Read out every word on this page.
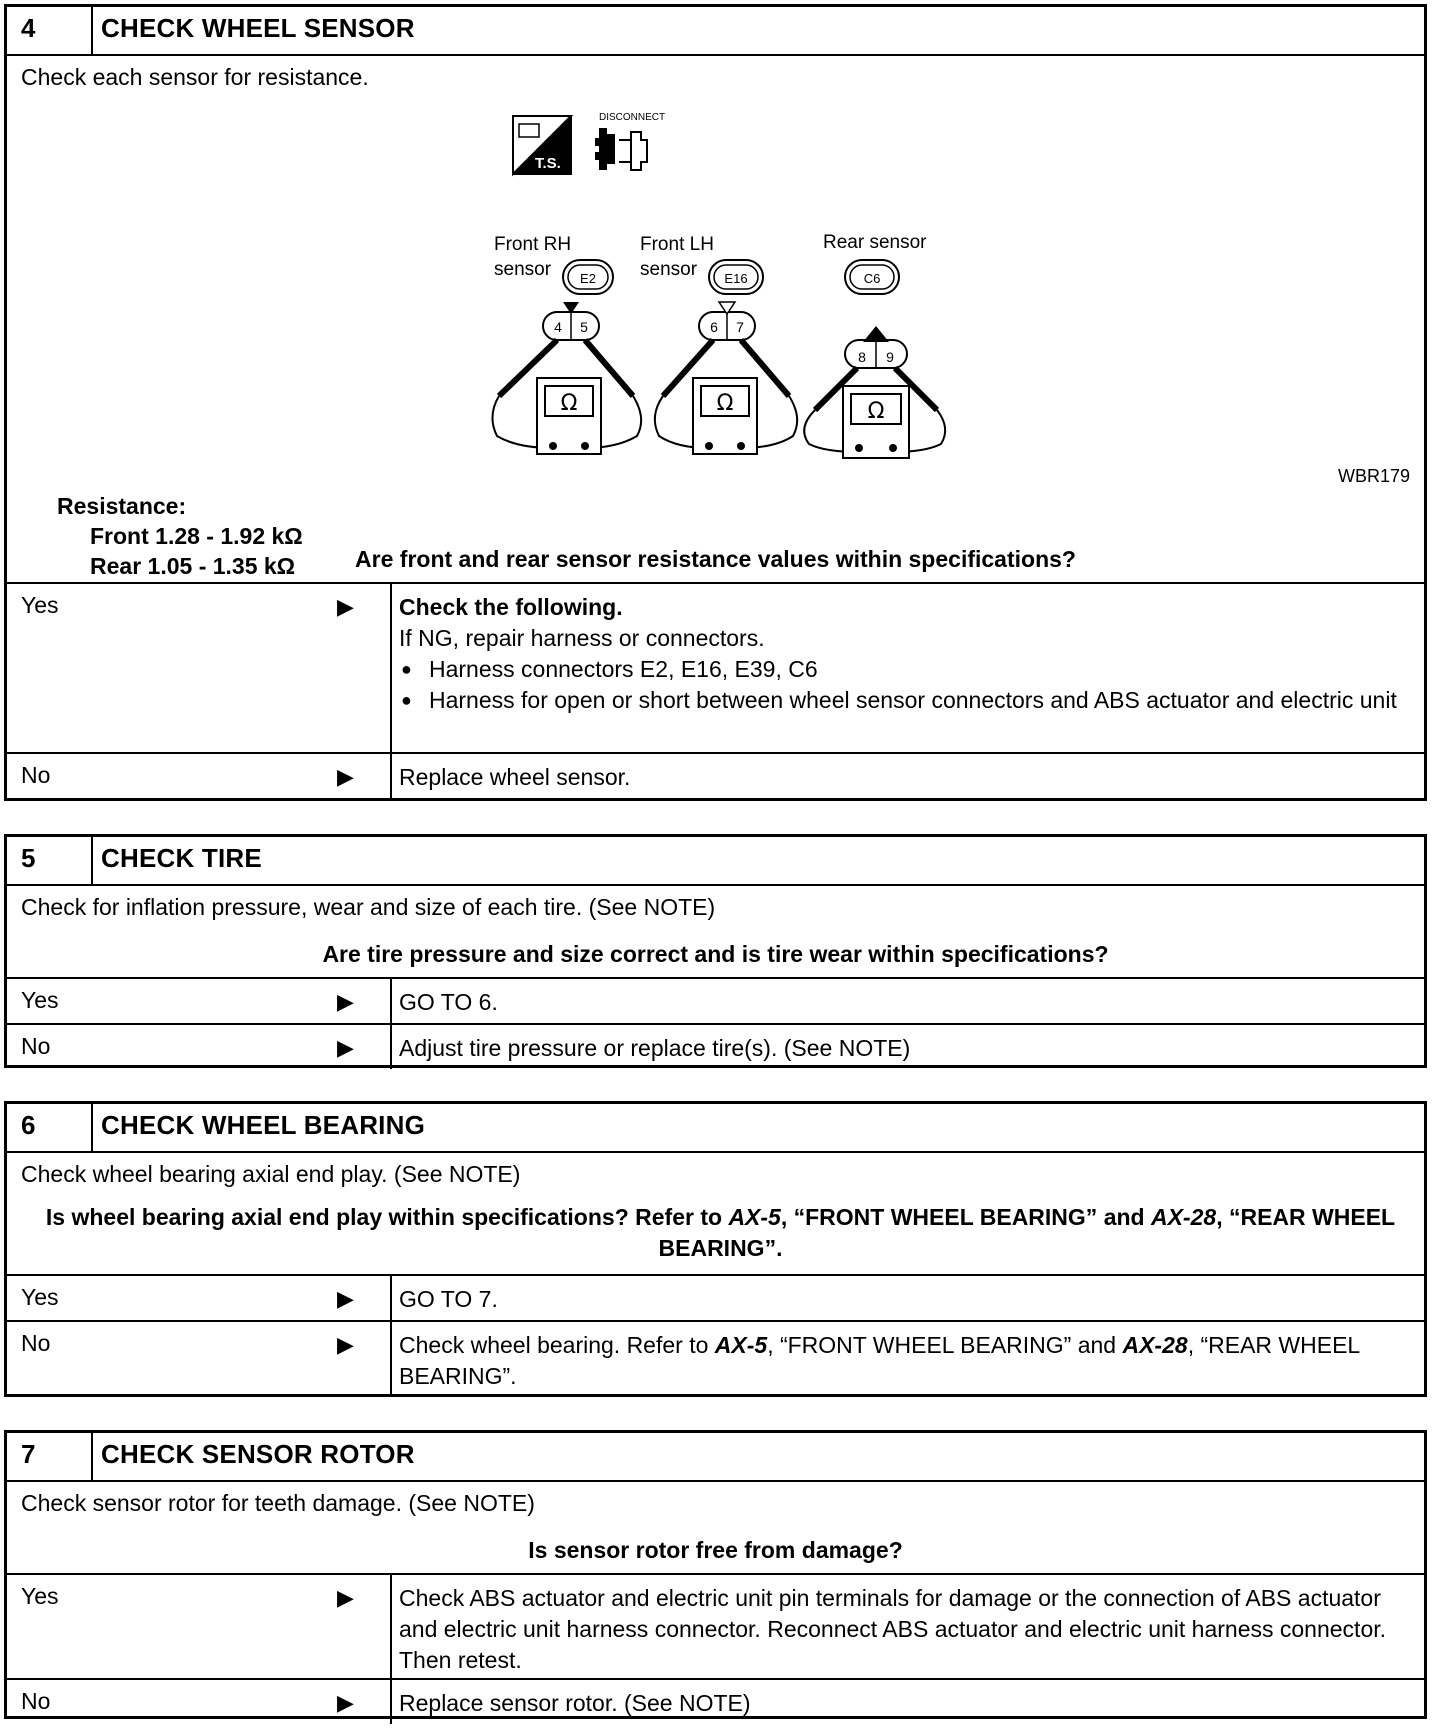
4	CHECK WHEEL SENSOR
Check each sensor for resistance.
T.S.
DISCONNECT
E2	E16	C6
4 5
Ω
6 7
Ω
8 9
Ω
Front RH
sensor
Front LH
sensor
Rear sensor
WBR179
Resistance:
Front 1.28 - 1.92 kΩ
Rear 1.05 - 1.35 kΩ	Are front and rear sensor resistance values within specifications?
Yes	▶ Check the following.
If NG, repair harness or connectors.
● Harness connectors E2, E16, E39, C6
● Harness for open or short between wheel sensor connectors and ABS actuator and electric unit
No	▶	Replace wheel sensor.
5	CHECK TIRE
Check for inflation pressure, wear and size of each tire. (See NOTE)
Are tire pressure and size correct and is tire wear within specifications?
Yes	▶	GO TO 6.
No	▶	Adjust tire pressure or replace tire(s). (See NOTE)
6	CHECK WHEEL BEARING
Check wheel bearing axial end play. (See NOTE)
Is wheel bearing axial end play within specifications? Refer to AX-5, “FRONT WHEEL BEARING” and AX-28, “REAR WHEEL BEARING”.
Yes	▶	GO TO 7.
No	▶	Check wheel bearing. Refer to AX-5, “FRONT WHEEL BEARING” and AX-28, “REAR WHEEL BEARING”.
7	CHECK SENSOR ROTOR
Check sensor rotor for teeth damage. (See NOTE)
Is sensor rotor free from damage?
Yes	▶	Check ABS actuator and electric unit pin terminals for damage or the connection of ABS actuator and electric unit harness connector. Reconnect ABS actuator and electric unit harness connector. Then retest.
No	▶	Replace sensor rotor. (See NOTE)
